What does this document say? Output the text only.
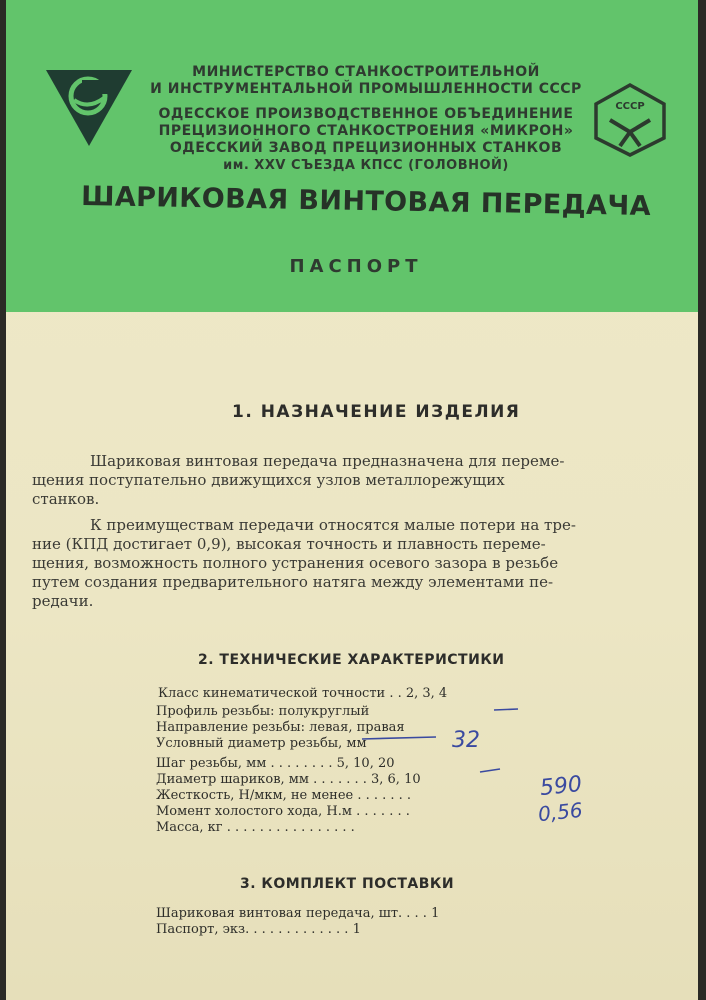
СССР
МИНИСТЕРСТВО СТАНКОСТРОИТЕЛЬНОЙ
И ИНСТРУМЕНТАЛЬНОЙ ПРОМЫШЛЕННОСТИ СССР
ОДЕССКОЕ ПРОИЗВОДСТВЕННОЕ ОБЪЕДИНЕНИЕ
ПРЕЦИЗИОННОГО СТАНКОСТРОЕНИЯ «МИКРОН»
ОДЕССКИЙ ЗАВОД ПРЕЦИЗИОННЫХ СТАНКОВ
им. XXV СЪЕЗДА КПСС (ГОЛОВНОЙ)
ШАРИКОВАЯ ВИНТОВАЯ ПЕРЕДАЧА
ПАСПОРТ
1. НАЗНАЧЕНИЕ ИЗДЕЛИЯ
Шариковая винтовая передача предназначена для переме-
щения поступательно движущихся узлов металлорежущих
станков.
К преимуществам передачи относятся малые потери на тре-
ние (КПД достигает 0,9), высокая точность и плавность переме-
щения, возможность полного устранения осевого зазора в резьбе
путем создания предварительного натяга между элементами пе-
редачи.
2. ТЕХНИЧЕСКИЕ ХАРАКТЕРИСТИКИ
Класс кинематической точности . . 2, 3, 4
Профиль резьбы: полукруглый
Направление резьбы: левая, правая
Условный диаметр резьбы, мм
Шаг резьбы, мм . . . . . . . . 5, 10, 20
Диаметр шариков, мм . . . . . . . 3, 6, 10
Жесткость, Н/мкм, не менее . . . . . . .
Момент холостого хода, Н.м . . . . . . .
Масса, кг . . . . . . . . . . . . . . . .
32
590
0,56
3. КОМПЛЕКТ ПОСТАВКИ
Шариковая винтовая передача, шт. . . . 1
Паспорт, экз. . . . . . . . . . . . . 1
